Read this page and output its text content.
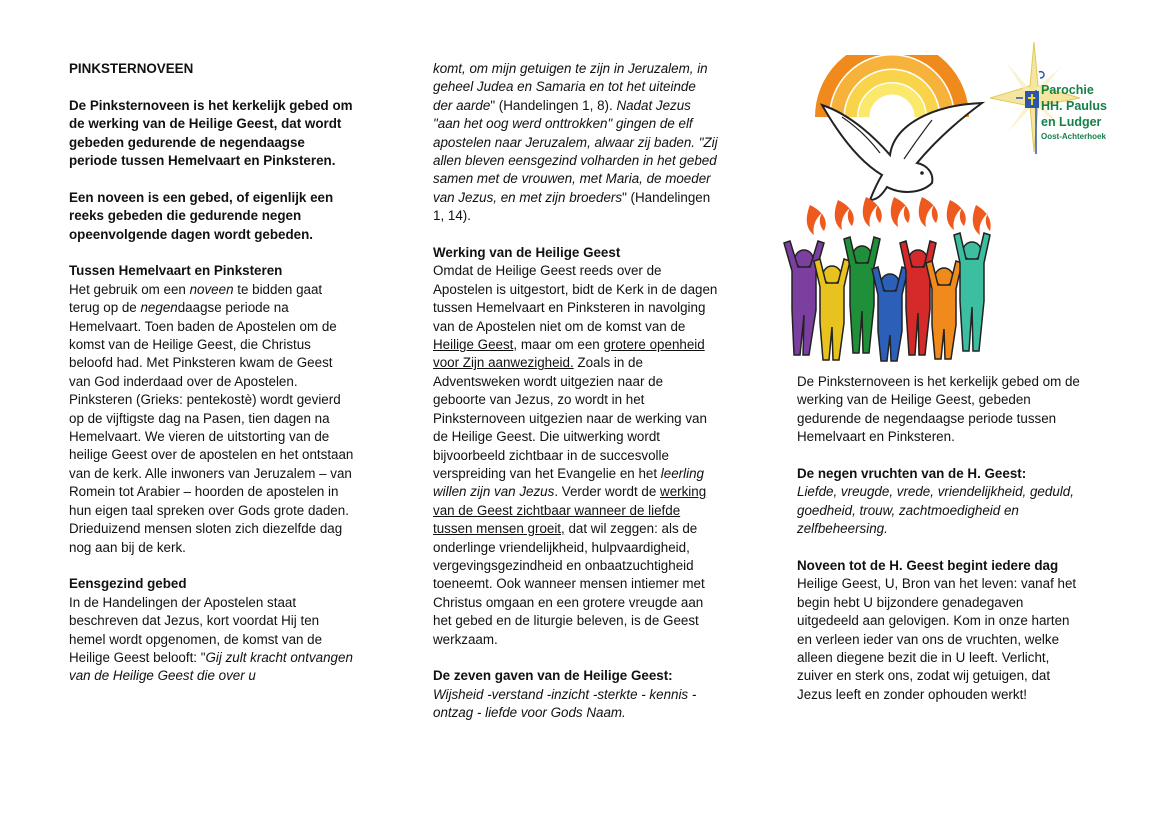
PINKSTERNOVEEN

De Pinksternoveen is het kerkelijk gebed om de werking van de Heilige Geest, dat wordt gebeden gedurende de negendaagse periode tussen Hemelvaart en Pinksteren.

Een noveen is een gebed, of eigenlijk een reeks gebeden die gedurende negen opeenvolgende dagen wordt gebeden.

Tussen Hemelvaart en Pinksteren

Het gebruik om een noveen te bidden gaat terug op de negendaagse periode na Hemelvaart. Toen baden de Apostelen om de komst van de Heilige Geest, die Christus beloofd had. Met Pinksteren kwam de Geest van God inderdaad over de Apostelen. Pinksteren (Grieks: pentekostè) wordt gevierd op de vijftigste dag na Pasen, tien dagen na Hemelvaart. We vieren de uitstorting van de heilige Geest over de apostelen en het ontstaan van de kerk. Alle inwoners van Jeruzalem – van Romein tot Arabier – hoorden de apostelen in hun eigen taal spreken over Gods grote daden. Drieduizend mensen sloten zich diezelfde dag nog aan bij de kerk.

Eensgezind gebed

In de Handelingen der Apostelen staat beschreven dat Jezus, kort voordat Hij ten hemel wordt opgenomen, de komst van de Heilige Geest belooft: "Gij zult kracht ontvangen van de Heilige Geest die over u

komt, om mijn getuigen te zijn in Jeruzalem, in geheel Judea en Samaria en tot het uiteinde der aarde" (Handelingen 1, 8). Nadat Jezus "aan het oog werd onttrokken" gingen de elf apostelen naar Jeruzalem, alwaar zij baden. "Zij allen bleven eensgezind volharden in het gebed samen met de vrouwen, met Maria, de moeder van Jezus, en met zijn broeders" (Handelingen 1, 14).

Werking van de Heilige Geest

Omdat de Heilige Geest reeds over de Apostelen is uitgestort, bidt de Kerk in de dagen tussen Hemelvaart en Pinksteren in navolging van de Apostelen niet om de komst van de Heilige Geest, maar om een grotere openheid voor Zijn aanwezigheid. Zoals in de Adventsweken wordt uitgezien naar de geboorte van Jezus, zo wordt in het Pinksternoveen uitgezien naar de werking van de Heilige Geest. Die uitwerking wordt bijvoorbeeld zichtbaar in de succesvolle verspreiding van het Evangelie en het leerling willen zijn van Jezus. Verder wordt de werking van de Geest zichtbaar wanneer de liefde tussen mensen groeit, dat wil zeggen: als de onderlinge vriendelijkheid, hulpvaardigheid, vergevingsgezindheid en onbaatzuchtigheid toeneemt. Ook wanneer mensen intiemer met Christus omgaan en een grotere vreugde aan het gebed en de liturgie beleven, is de Geest werkzaam.

De zeven gaven van de Heilige Geest:

Wijsheid -verstand -inzicht -sterkte - kennis - ontzag - liefde voor Gods Naam.

Parochie
HH. Paulus
en Ludger
Oost-Achterhoek

De Pinksternoveen is het kerkelijk gebed om de werking van de Heilige Geest, gebeden gedurende de negendaagse periode tussen Hemelvaart en Pinksteren.

De negen vruchten van de H. Geest:

Liefde, vreugde, vrede, vriendelijkheid, geduld, goedheid, trouw, zachtmoedigheid en zelfbeheersing.

Noveen tot de H. Geest begint iedere dag

Heilige Geest, U, Bron van het leven: vanaf het begin hebt U bijzondere genadegaven uitgedeeld aan gelovigen. Kom in onze harten en verleen ieder van ons de vruchten, welke alleen diegene bezit die in U leeft. Verlicht, zuiver en sterk ons, zodat wij getuigen, dat Jezus leeft en zonder ophouden werkt!
